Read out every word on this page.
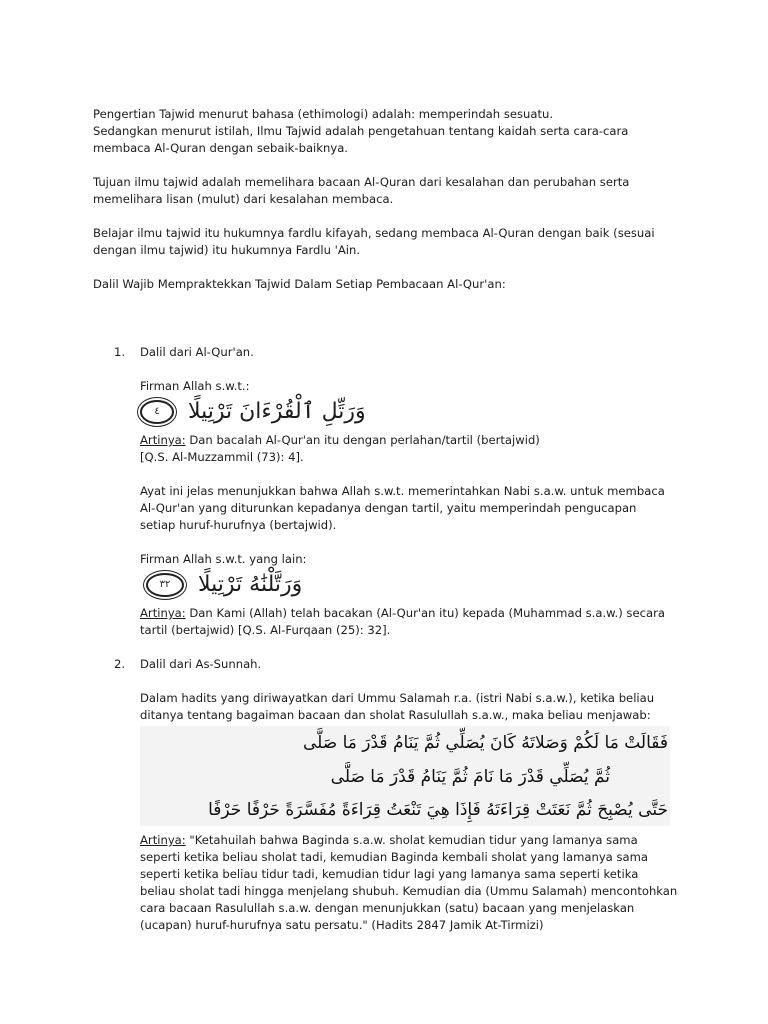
Pengertian Tajwid menurut bahasa (ethimologi) adalah: memperindah sesuatu.
Sedangkan menurut istilah, Ilmu Tajwid adalah pengetahuan tentang kaidah serta cara-cara
membaca Al-Quran dengan sebaik-baiknya.
Tujuan ilmu tajwid adalah memelihara bacaan Al-Quran dari kesalahan dan perubahan serta
memelihara lisan (mulut) dari kesalahan membaca.
Belajar ilmu tajwid itu hukumnya fardlu kifayah, sedang membaca Al-Quran dengan baik (sesuai
dengan ilmu tajwid) itu hukumnya Fardlu 'Ain.
Dalil Wajib Mempraktekkan Tajwid Dalam Setiap Pembacaan Al-Qur'an:
1. Dalil dari Al-Qur'an.
Firman Allah s.w.t.:
٤	وَرَتِّلِ ٱلْقُرْءَانَ تَرْتِيلًا
Artinya: Dan bacalah Al-Qur'an itu dengan perlahan/tartil (bertajwid)
[Q.S. Al-Muzzammil (73): 4].
Ayat ini jelas menunjukkan bahwa Allah s.w.t. memerintahkan Nabi s.a.w. untuk membaca
Al-Qur'an yang diturunkan kepadanya dengan tartil, yaitu memperindah pengucapan
setiap huruf-hurufnya (bertajwid).
Firman Allah s.w.t. yang lain:
٣٢	وَرَتَّلْنَٰهُ تَرْتِيلًا
Artinya: Dan Kami (Allah) telah bacakan (Al-Qur'an itu) kepada (Muhammad s.a.w.) secara
tartil (bertajwid) [Q.S. Al-Furqaan (25): 32].
2. Dalil dari As-Sunnah.
Dalam hadits yang diriwayatkan dari Ummu Salamah r.a. (istri Nabi s.a.w.), ketika beliau
ditanya tentang bagaiman bacaan dan sholat Rasulullah s.a.w., maka beliau menjawab:
فَقَالَتْ مَا لَكُمْ وَصَلاتَهُ كَانَ يُصَلِّي ثُمَّ يَنَامُ قَدْرَ مَا صَلَّى
ثُمَّ يُصَلِّي قَدْرَ مَا نَامَ ثُمَّ يَنَامُ قَدْرَ مَا صَلَّى
حَتَّى يُصْبِحَ ثُمَّ نَعَتَتْ قِرَاءَتَهُ فَإِذَا هِيَ تَنْعَتُ قِرَاءَةً مُفَسَّرَةً حَرْفًا حَرْفًا
Artinya: "Ketahuilah bahwa Baginda s.a.w. sholat kemudian tidur yang lamanya sama
seperti ketika beliau sholat tadi, kemudian Baginda kembali sholat yang lamanya sama
seperti ketika beliau tidur tadi, kemudian tidur lagi yang lamanya sama seperti ketika
beliau sholat tadi hingga menjelang shubuh. Kemudian dia (Ummu Salamah) mencontohkan
cara bacaan Rasulullah s.a.w. dengan menunjukkan (satu) bacaan yang menjelaskan
(ucapan) huruf-hurufnya satu persatu." (Hadits 2847 Jamik At-Tirmizi)
